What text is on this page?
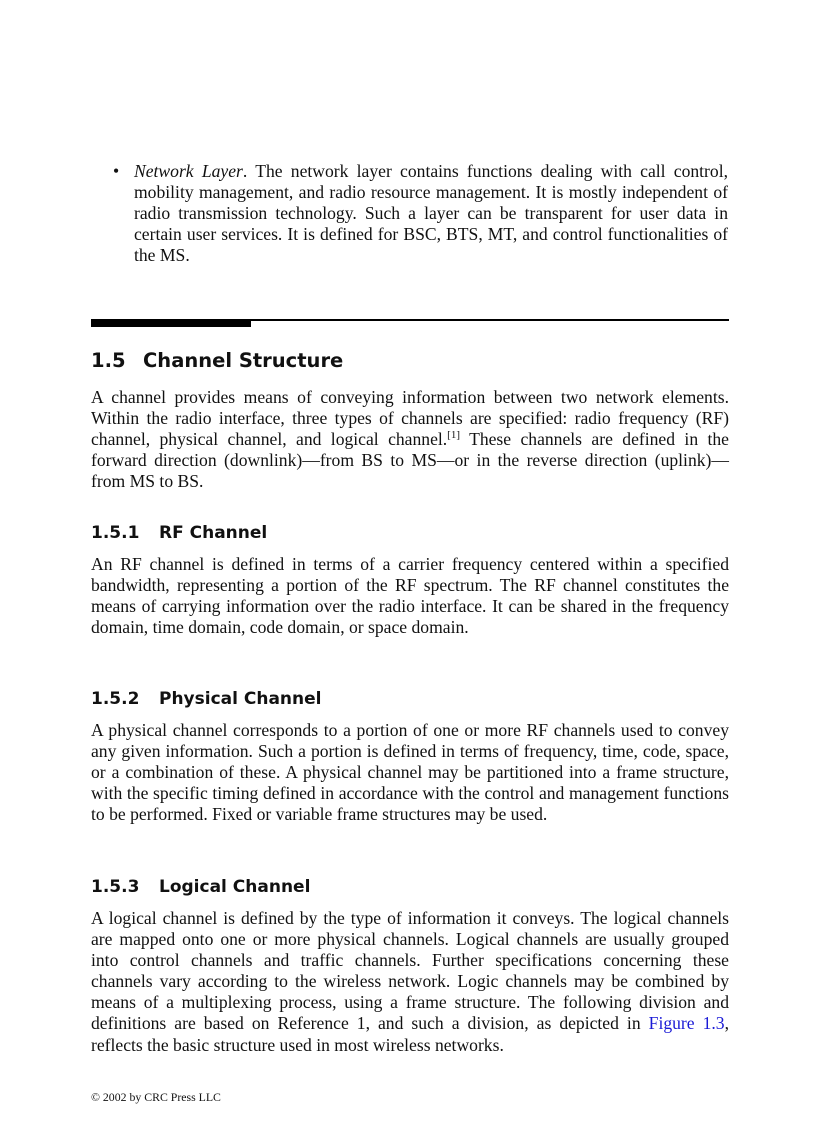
• Network Layer. The network layer contains functions dealing with call control, mobility management, and radio resource management. It is mostly independent of radio transmission technology. Such a layer can be transparent for user data in certain user services. It is defined for BSC, BTS, MT, and control functionalities of the MS.

1.5 Channel Structure

A channel provides means of conveying information between two network elements. Within the radio interface, three types of channels are specified: radio frequency (RF) channel, physical channel, and logical channel.[1] These channels are defined in the forward direction (downlink)—from BS to MS—or in the reverse direction (uplink)—from MS to BS.

1.5.1 RF Channel

An RF channel is defined in terms of a carrier frequency centered within a specified bandwidth, representing a portion of the RF spectrum. The RF channel constitutes the means of carrying information over the radio interface. It can be shared in the frequency domain, time domain, code domain, or space domain.

1.5.2 Physical Channel

A physical channel corresponds to a portion of one or more RF channels used to convey any given information. Such a portion is defined in terms of frequency, time, code, space, or a combination of these. A physical channel may be partitioned into a frame structure, with the specific timing defined in accordance with the control and management functions to be performed. Fixed or variable frame structures may be used.

1.5.3 Logical Channel

A logical channel is defined by the type of information it conveys. The logical channels are mapped onto one or more physical channels. Logical channels are usually grouped into control channels and traffic channels. Further specifications concerning these channels vary according to the wireless network. Logic channels may be combined by means of a multiplexing process, using a frame structure. The following division and definitions are based on Reference 1, and such a division, as depicted in Figure 1.3, reflects the basic structure used in most wireless networks.

© 2002 by CRC Press LLC
